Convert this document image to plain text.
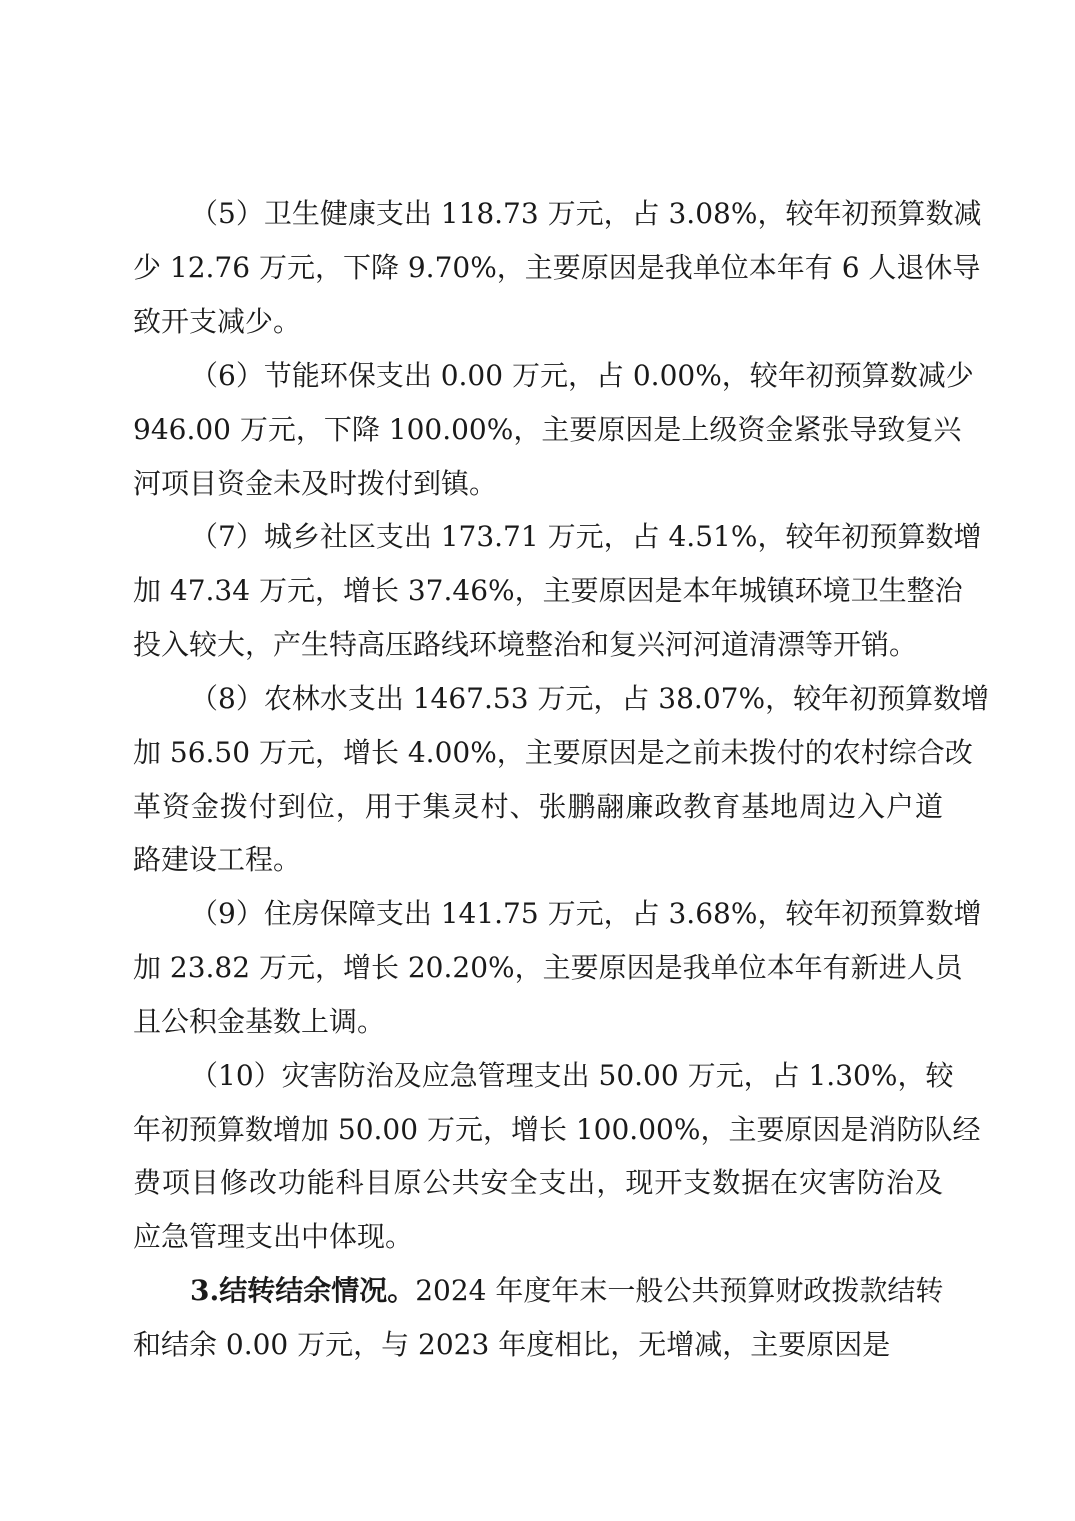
（5）卫生健康支出 118.73 万元，占 3.08%，较年初预算数减
少 12.76 万元，下降 9.70%，主要原因是我单位本年有 6 人退休导
致开支减少。
（6）节能环保支出 0.00 万元，占 0.00%，较年初预算数减少
946.00 万元，下降 100.00%，主要原因是上级资金紧张导致复兴
河项目资金未及时拨付到镇。
（7）城乡社区支出 173.71 万元，占 4.51%，较年初预算数增
加 47.34 万元，增长 37.46%，主要原因是本年城镇环境卫生整治
投入较大，产生特高压路线环境整治和复兴河河道清漂等开销。
（8）农林水支出 1467.53 万元，占 38.07%，较年初预算数增
加 56.50 万元，增长 4.00%，主要原因是之前未拨付的农村综合改
革资金拨付到位，用于集灵村、张鹏翮廉政教育基地周边入户道
路建设工程。
（9）住房保障支出 141.75 万元，占 3.68%，较年初预算数增
加 23.82 万元，增长 20.20%，主要原因是我单位本年有新进人员
且公积金基数上调。
（10）灾害防治及应急管理支出 50.00 万元，占 1.30%，较
年初预算数增加 50.00 万元，增长 100.00%，主要原因是消防队经
费项目修改功能科目原公共安全支出，现开支数据在灾害防治及
应急管理支出中体现。
3.结转结余情况。2024 年度年末一般公共预算财政拨款结转
和结余 0.00 万元，与 2023 年度相比，无增减，主要原因是
